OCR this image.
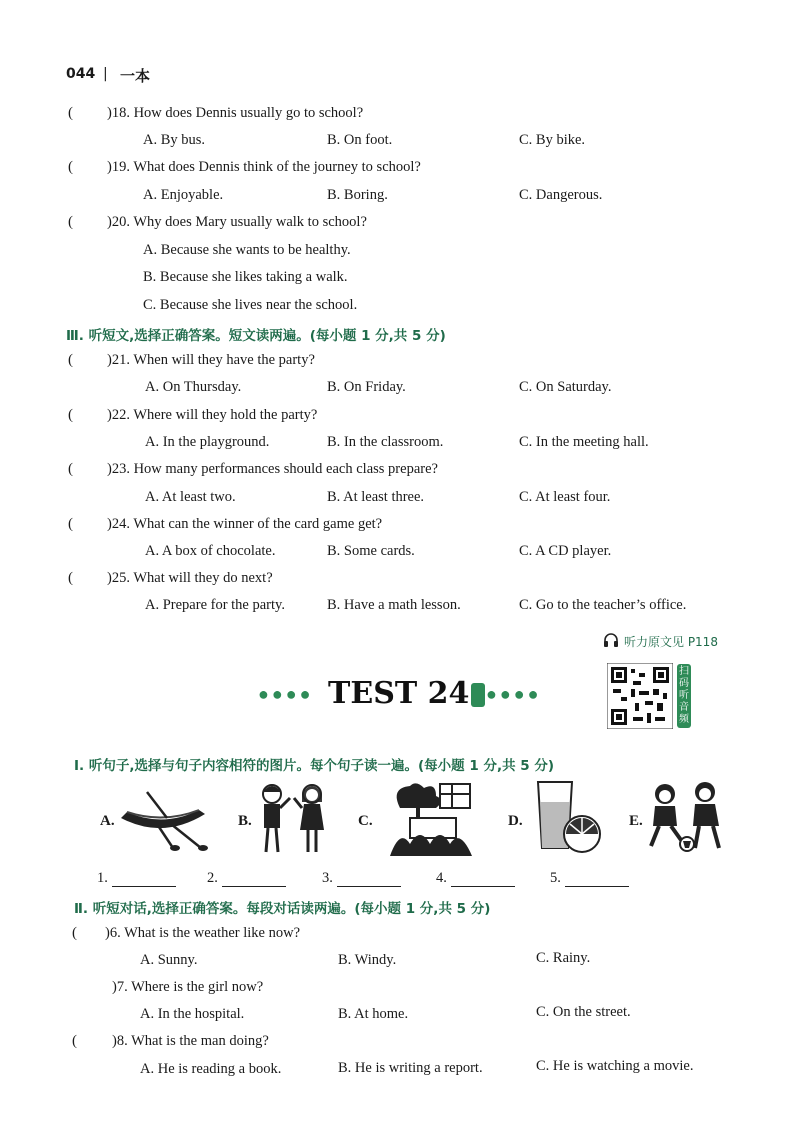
044 | 一本
( )18. How does Dennis usually go to school?
A. By bus.	B. On foot.	C. By bike.
( )19. What does Dennis think of the journey to school?
A. Enjoyable.	B. Boring.	C. Dangerous.
( )20. Why does Mary usually walk to school?
A. Because she wants to be healthy.
B. Because she likes taking a walk.
C. Because she lives near the school.
Ⅲ. 听短文,选择正确答案。短文读两遍。(每小题 1 分,共 5 分)
( )21. When will they have the party?
A. On Thursday.	B. On Friday.	C. On Saturday.
( )22. Where will they hold the party?
A. In the playground.	B. In the classroom.	C. In the meeting hall.
( )23. How many performances should each class prepare?
A. At least two.	B. At least three.	C. At least four.
( )24. What can the winner of the card game get?
A. A box of chocolate.	B. Some cards.	C. A CD player.
( )25. What will they do next?
A. Prepare for the party.	B. Have a math lesson.	C. Go to the teacher’s office.
听力原文见 P118
●●●● TEST 24 ●●●●
扫码听音频
Ⅰ. 听句子,选择与句子内容相符的图片。每个句子读一遍。(每小题 1 分,共 5 分)
A.	B.	C.	D.	E.
1.	2.	3.	4.	5.
Ⅱ. 听短对话,选择正确答案。每段对话读两遍。(每小题 1 分,共 5 分)
( )6. What is the weather like now?
A. Sunny.	B. Windy.	C. Rainy.
)7. Where is the girl now?
A. In the hospital.	B. At home.	C. On the street.
( )8. What is the man doing?
A. He is reading a book.	B. He is writing a report.	C. He is watching a movie.
